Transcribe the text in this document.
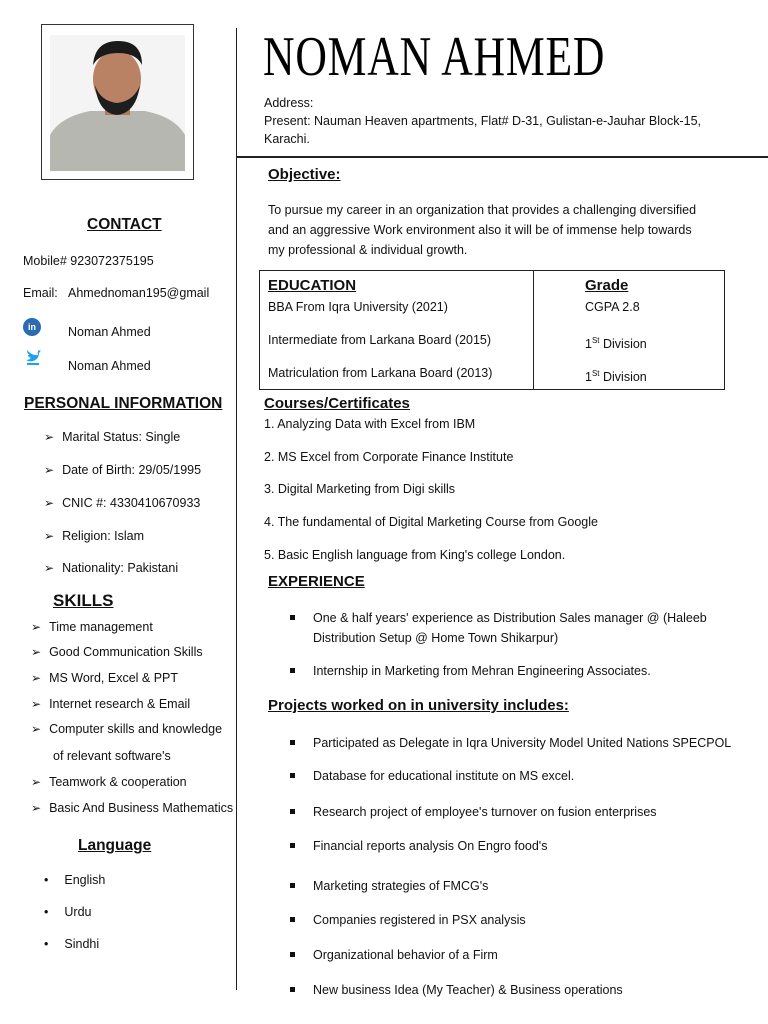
NOMAN AHMED
Address:
Present: Nauman Heaven apartments, Flat# D-31, Gulistan-e-Jauhar Block-15,
Karachi.
CONTACT
Mobile# 923072375195
Email: Ahmednoman195@gmail
in	Noman Ahmed
Noman Ahmed
PERSONAL INFORMATION
➢ Marital Status: Single
➢ Date of Birth: 29/05/1995
➢ CNIC #: 4330410670933
➢ Religion: Islam
➢ Nationality: Pakistani
SKILLS
➢ Time management
➢ Good Communication Skills
➢ MS Word, Excel & PPT
➢ Internet research & Email
➢ Computer skills and knowledge
of relevant software's
➢ Teamwork & cooperation
➢ Basic And Business Mathematics
Language
• English
• Urdu
• Sindhi
Objective:
To pursue my career in an organization that provides a challenging diversified
and an aggressive Work environment also it will be of immense help towards
my professional & individual growth.
EDUCATION	Grade
BBA From Iqra University (2021)	CGPA 2.8
Intermediate from Larkana Board (2015)	1St Division
Matriculation from Larkana Board (2013)	1St Division
Courses/Certificates
1. Analyzing Data with Excel from IBM
2. MS Excel from Corporate Finance Institute
3. Digital Marketing from Digi skills
4. The fundamental of Digital Marketing Course from Google
5. Basic English language from King's college London.
EXPERIENCE
One & half years' experience as Distribution Sales manager @ (Haleeb
Distribution Setup @ Home Town Shikarpur)
Internship in Marketing from Mehran Engineering Associates.
Projects worked on in university includes:
Participated as Delegate in Iqra University Model United Nations SPECPOL
Database for educational institute on MS excel.
Research project of employee's turnover on fusion enterprises
Financial reports analysis On Engro food's
Marketing strategies of FMCG's
Companies registered in PSX analysis
Organizational behavior of a Firm
New business Idea (My Teacher) & Business operations
